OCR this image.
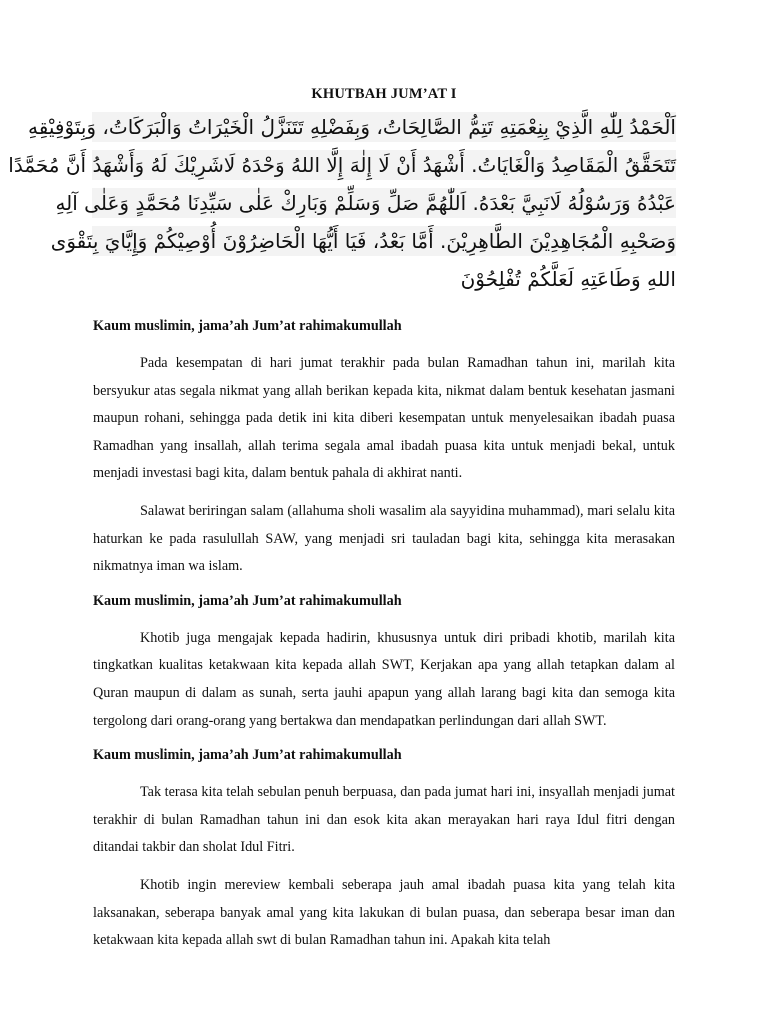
KHUTBAH JUM’AT I
اَلْحَمْدُ لِلّٰهِ الَّذِيْ بِنِعْمَتِهِ تَتِمُّ الصَّالِحَاتُ، وَبِفَضْلِهِ تَتَنَزَّلُ الْخَيْرَاتُ وَالْبَرَكَاتُ، وَبِتَوْفِيْقِهِ
تَتَحَقَّقُ الْمَقَاصِدُ وَالْغَايَاتُ. أَشْهَدُ أَنْ لَا إِلٰهَ إِلَّا اللهُ وَحْدَهُ لَاشَرِيْكَ لَهُ وَأَشْهَدُ أَنَّ مُحَمَّدًا
عَبْدُهُ وَرَسُوْلُهُ لَانَبِيَّ بَعْدَهُ. اَللّٰهُمَّ صَلِّ وَسَلِّمْ وَبَارِكْ عَلٰى سَيِّدِنَا مُحَمَّدٍ وَعَلٰى آلِهِ
وَصَحْبِهِ الْمُجَاهِدِيْنَ الطَّاهِرِيْنَ. أَمَّا بَعْدُ، فَيَا أَيُّهَا الْحَاضِرُوْنَ أُوْصِيْكُمْ وَإِيَّايَ بِتَقْوَى
اللهِ وَطَاعَتِهِ لَعَلَّكُمْ تُفْلِحُوْنَ
Kaum muslimin, jama’ah Jum’at rahimakumullah

Pada kesempatan di hari jumat terakhir pada bulan Ramadhan tahun ini, marilah kita bersyukur atas segala nikmat yang allah berikan kepada kita, nikmat dalam bentuk kesehatan jasmani maupun rohani, sehingga pada detik ini kita diberi kesempatan untuk menyelesaikan ibadah puasa Ramadhan yang insallah, allah terima segala amal ibadah puasa kita untuk menjadi bekal, untuk menjadi investasi bagi kita, dalam bentuk pahala di akhirat nanti.

Salawat beriringan salam (allahuma sholi wasalim ala sayyidina muhammad), mari selalu kita haturkan ke pada rasulullah SAW, yang menjadi sri tauladan bagi kita, sehingga kita merasakan nikmatnya iman wa islam.

Kaum muslimin, jama’ah Jum’at rahimakumullah

Khotib juga mengajak kepada hadirin, khususnya untuk diri pribadi khotib, marilah kita tingkatkan kualitas ketakwaan kita kepada allah SWT, Kerjakan apa yang allah tetapkan dalam al Quran maupun di dalam as sunah, serta jauhi apapun yang allah larang bagi kita dan semoga kita tergolong dari orang-orang yang bertakwa dan mendapatkan perlindungan dari allah SWT.

Kaum muslimin, jama’ah Jum’at rahimakumullah

Tak terasa kita telah sebulan penuh berpuasa, dan pada jumat hari ini, insyallah menjadi jumat terakhir di bulan Ramadhan tahun ini dan esok kita akan merayakan hari raya Idul fitri dengan ditandai takbir dan sholat Idul Fitri.

Khotib ingin mereview kembali seberapa jauh amal ibadah puasa kita yang telah kita laksanakan, seberapa banyak amal yang kita lakukan di bulan puasa, dan seberapa besar iman dan ketakwaan kita kepada allah swt di bulan Ramadhan tahun ini. Apakah kita telah
